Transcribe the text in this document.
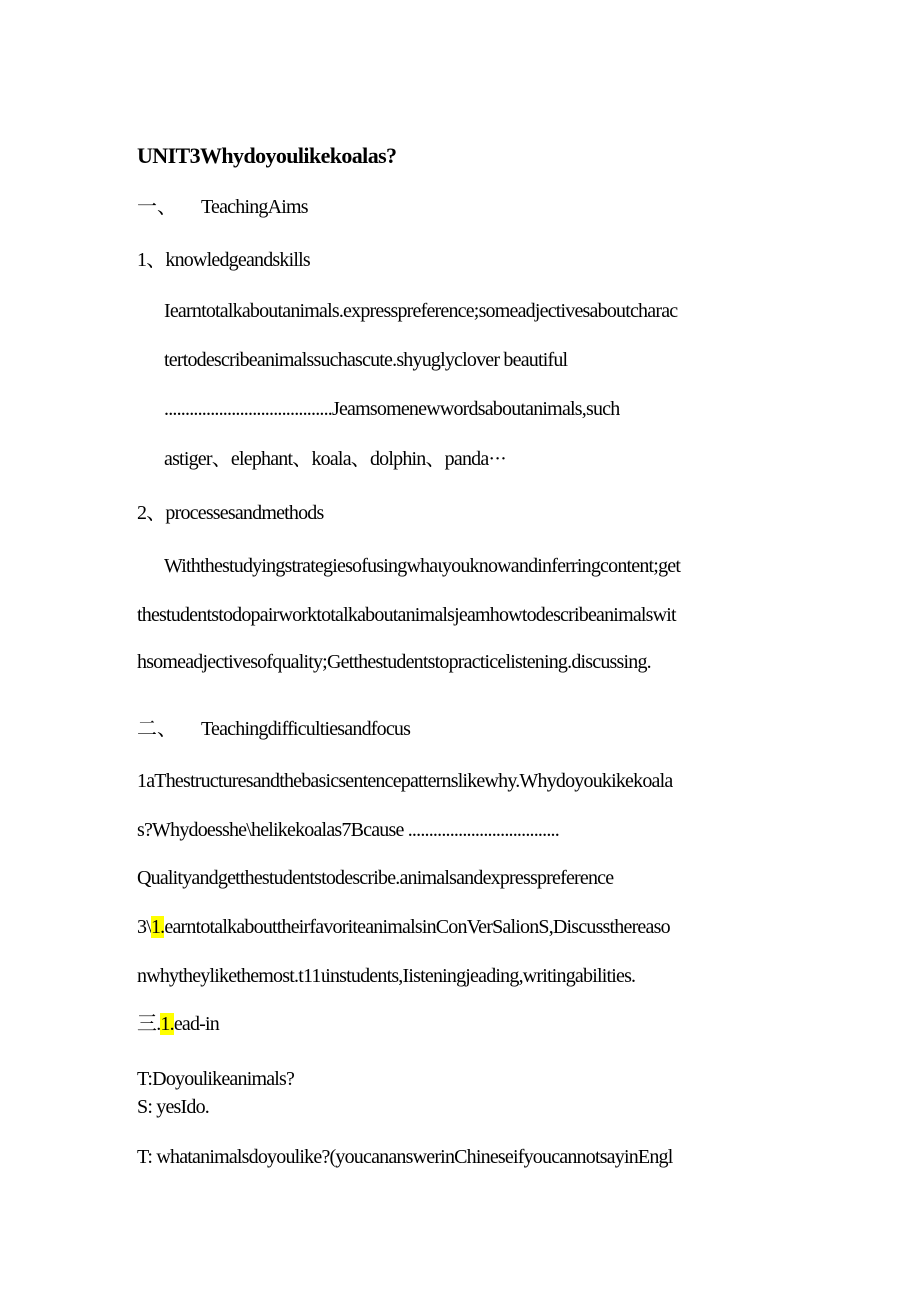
UNIT3Whydoyoulikekoalas?
一、 TeachingAims
1、knowledgeandskills
Iearntotalkaboutanimals.expresspreference;someadjectivesaboutcharac
tertodescribeanimalssuchascute.shyuglyclover beautiful
........................................Jeamsomenewwordsaboutanimals,such
astiger、elephant、koala、dolphin、panda···
2、processesandmethods
Withthestudyingstrategiesofusingwhaιyouknowandinferringcontent;get
thestudentstodopairworktotalkaboutanimalsjeamhowtodescribeanimalswit
hsomeadjectivesofquality;Getthestudentstopracticelistening.discussing.
二、 Teachingdifficultiesandfocus
1aThestructuresandthebasicsentencepatternslikewhy.Whydoyoukikekoala
s?Whydoesshe\helikekoalas7Bcause ....................................
Qualityandgetthestudentstodescribe.animalsandexpresspreference
3\1.earntotalkabouttheirfavoriteanimalsinConVerSalionS,Discussthereaso
nwhytheylikethemost.t11ιinstudents,Iisteningjeading,writingabilities.
三.1.ead-in
T:Doyoulikeanimals?
S: yesIdo.
T: whatanimalsdoyoulike?(youcananswerinChineseifyoucannotsayinEngl
